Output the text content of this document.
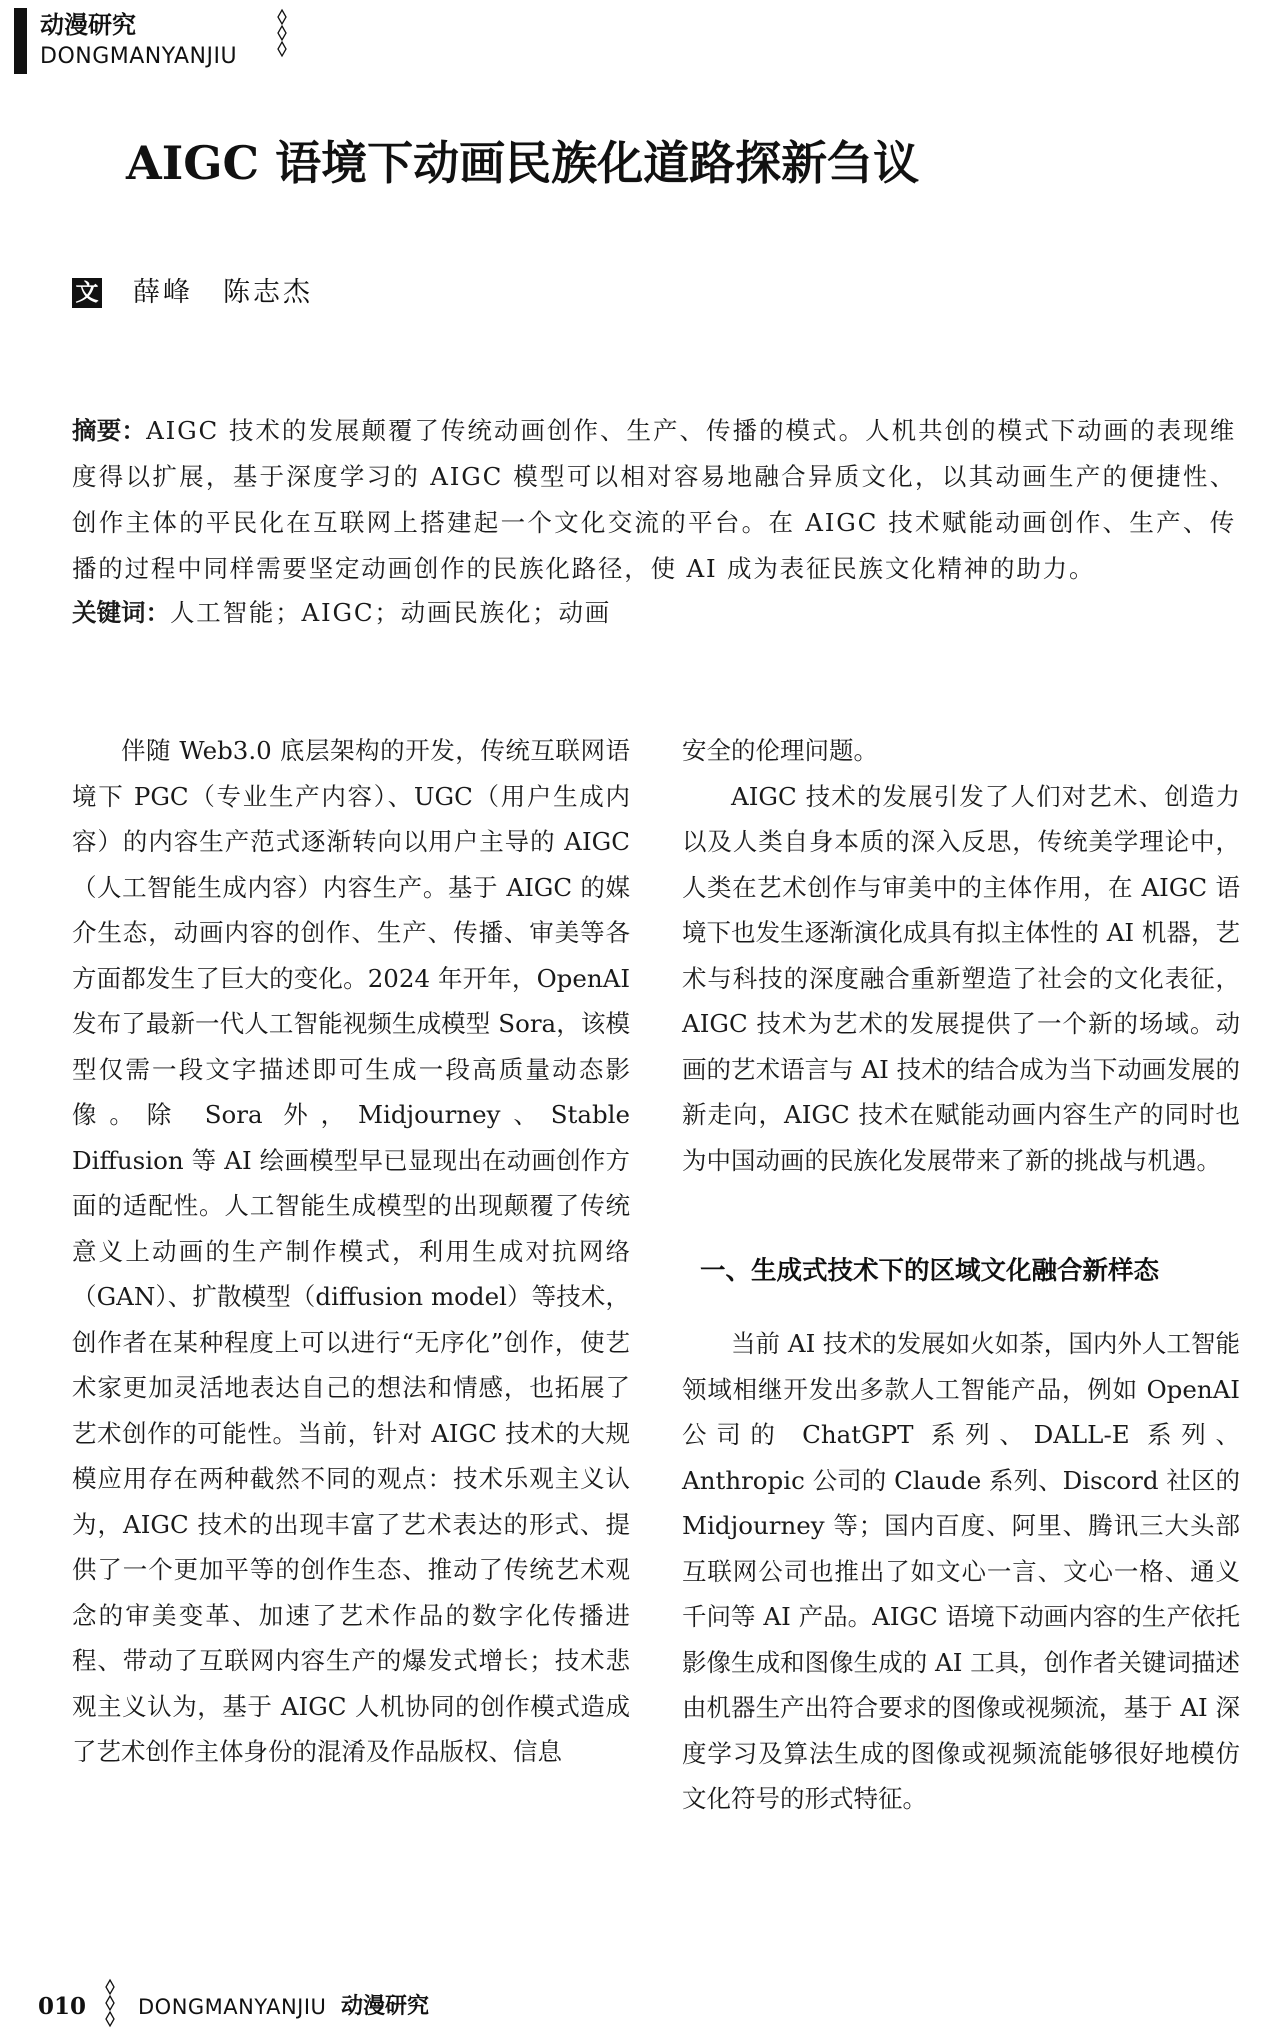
动漫研究
DONGMANYANJIU
AIGC 语境下动画民族化道路探新刍议
文 薛峰　陈志杰
摘要：AIGC 技术的发展颠覆了传统动画创作、生产、传播的模式。人机共创的模式下动画的表现维度得以扩展，基于深度学习的 AIGC 模型可以相对容易地融合异质文化，以其动画生产的便捷性、创作主体的平民化在互联网上搭建起一个文化交流的平台。在 AIGC 技术赋能动画创作、生产、传播的过程中同样需要坚定动画创作的民族化路径，使 AI 成为表征民族文化精神的助力。
关键词：人工智能；AIGC；动画民族化；动画

伴随 Web3.0 底层架构的开发，传统互联网语境下 PGC（专业生产内容）、UGC（用户生成内容）的内容生产范式逐渐转向以用户主导的 AIGC（人工智能生成内容）内容生产。基于 AIGC 的媒介生态，动画内容的创作、生产、传播、审美等各方面都发生了巨大的变化。2024 年开年，OpenAI 发布了最新一代人工智能视频生成模型 Sora，该模型仅需一段文字描述即可生成一段高质量动态影像。除 Sora 外，Midjourney、Stable Diffusion 等 AI 绘画模型早已显现出在动画创作方面的适配性。人工智能生成模型的出现颠覆了传统意义上动画的生产制作模式，利用生成对抗网络（GAN）、扩散模型（diffusion model）等技术，创作者在某种程度上可以进行“无序化”创作，使艺术家更加灵活地表达自己的想法和情感，也拓展了艺术创作的可能性。当前，针对 AIGC 技术的大规模应用存在两种截然不同的观点：技术乐观主义认为，AIGC 技术的出现丰富了艺术表达的形式、提供了一个更加平等的创作生态、推动了传统艺术观念的审美变革、加速了艺术作品的数字化传播进程、带动了互联网内容生产的爆发式增长；技术悲观主义认为，基于 AIGC 人机协同的创作模式造成了艺术创作主体身份的混淆及作品版权、信息

安全的伦理问题。

AIGC 技术的发展引发了人们对艺术、创造力以及人类自身本质的深入反思，传统美学理论中，人类在艺术创作与审美中的主体作用，在 AIGC 语境下也发生逐渐演化成具有拟主体性的 AI 机器，艺术与科技的深度融合重新塑造了社会的文化表征，AIGC 技术为艺术的发展提供了一个新的场域。动画的艺术语言与 AI 技术的结合成为当下动画发展的新走向，AIGC 技术在赋能动画内容生产的同时也为中国动画的民族化发展带来了新的挑战与机遇。

一、生成式技术下的区域文化融合新样态

当前 AI 技术的发展如火如荼，国内外人工智能领域相继开发出多款人工智能产品，例如 OpenAI 公司的 ChatGPT 系列、DALL-E 系列、Anthropic 公司的 Claude 系列、Discord 社区的 Midjourney 等；国内百度、阿里、腾讯三大头部互联网公司也推出了如文心一言、文心一格、通义千问等 AI 产品。AIGC 语境下动画内容的生产依托影像生成和图像生成的 AI 工具，创作者关键词描述由机器生产出符合要求的图像或视频流，基于 AI 深度学习及算法生成的图像或视频流能够很好地模仿文化符号的形式特征。

010 DONGMANYANJIU 动漫研究
